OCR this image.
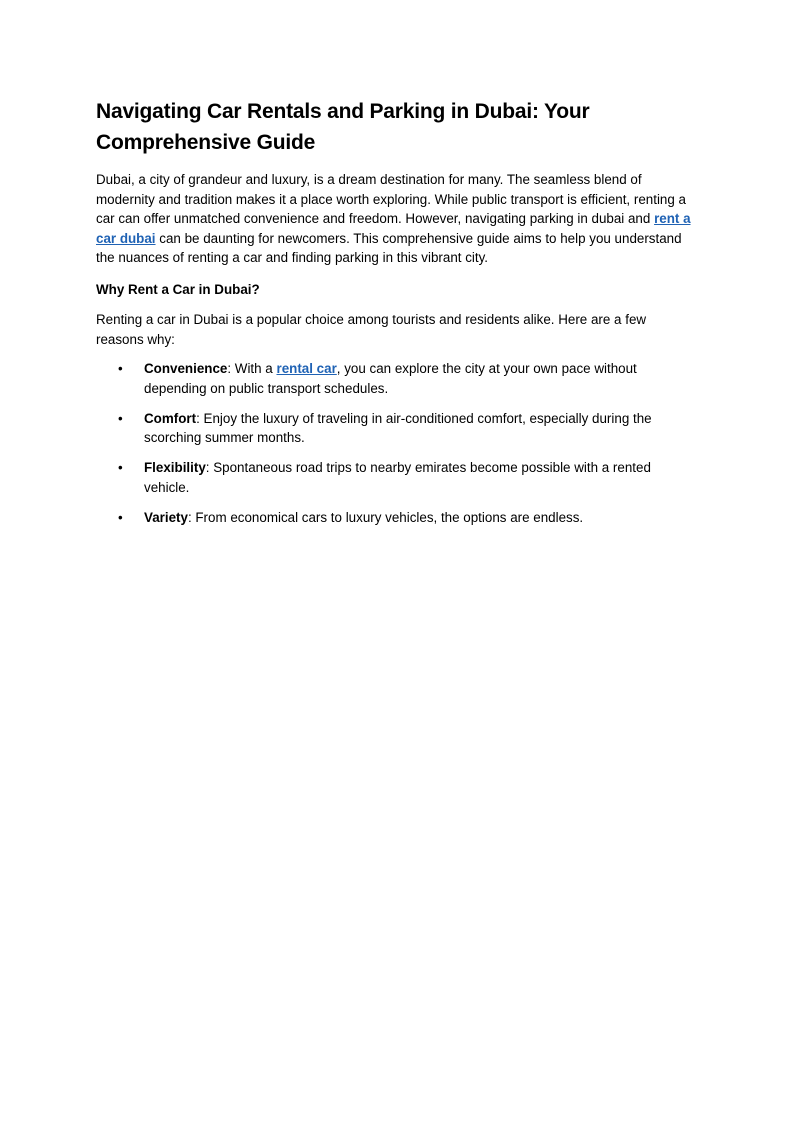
Navigating Car Rentals and Parking in Dubai: Your Comprehensive Guide

Dubai, a city of grandeur and luxury, is a dream destination for many. The seamless blend of modernity and tradition makes it a place worth exploring. While public transport is efficient, renting a car can offer unmatched convenience and freedom. However, navigating parking in dubai and rent a car dubai can be daunting for newcomers. This comprehensive guide aims to help you understand the nuances of renting a car and finding parking in this vibrant city.

Why Rent a Car in Dubai?

Renting a car in Dubai is a popular choice among tourists and residents alike. Here are a few reasons why:

• Convenience: With a rental car, you can explore the city at your own pace without depending on public transport schedules.
• Comfort: Enjoy the luxury of traveling in air-conditioned comfort, especially during the scorching summer months.
• Flexibility: Spontaneous road trips to nearby emirates become possible with a rented vehicle.
• Variety: From economical cars to luxury vehicles, the options are endless.
